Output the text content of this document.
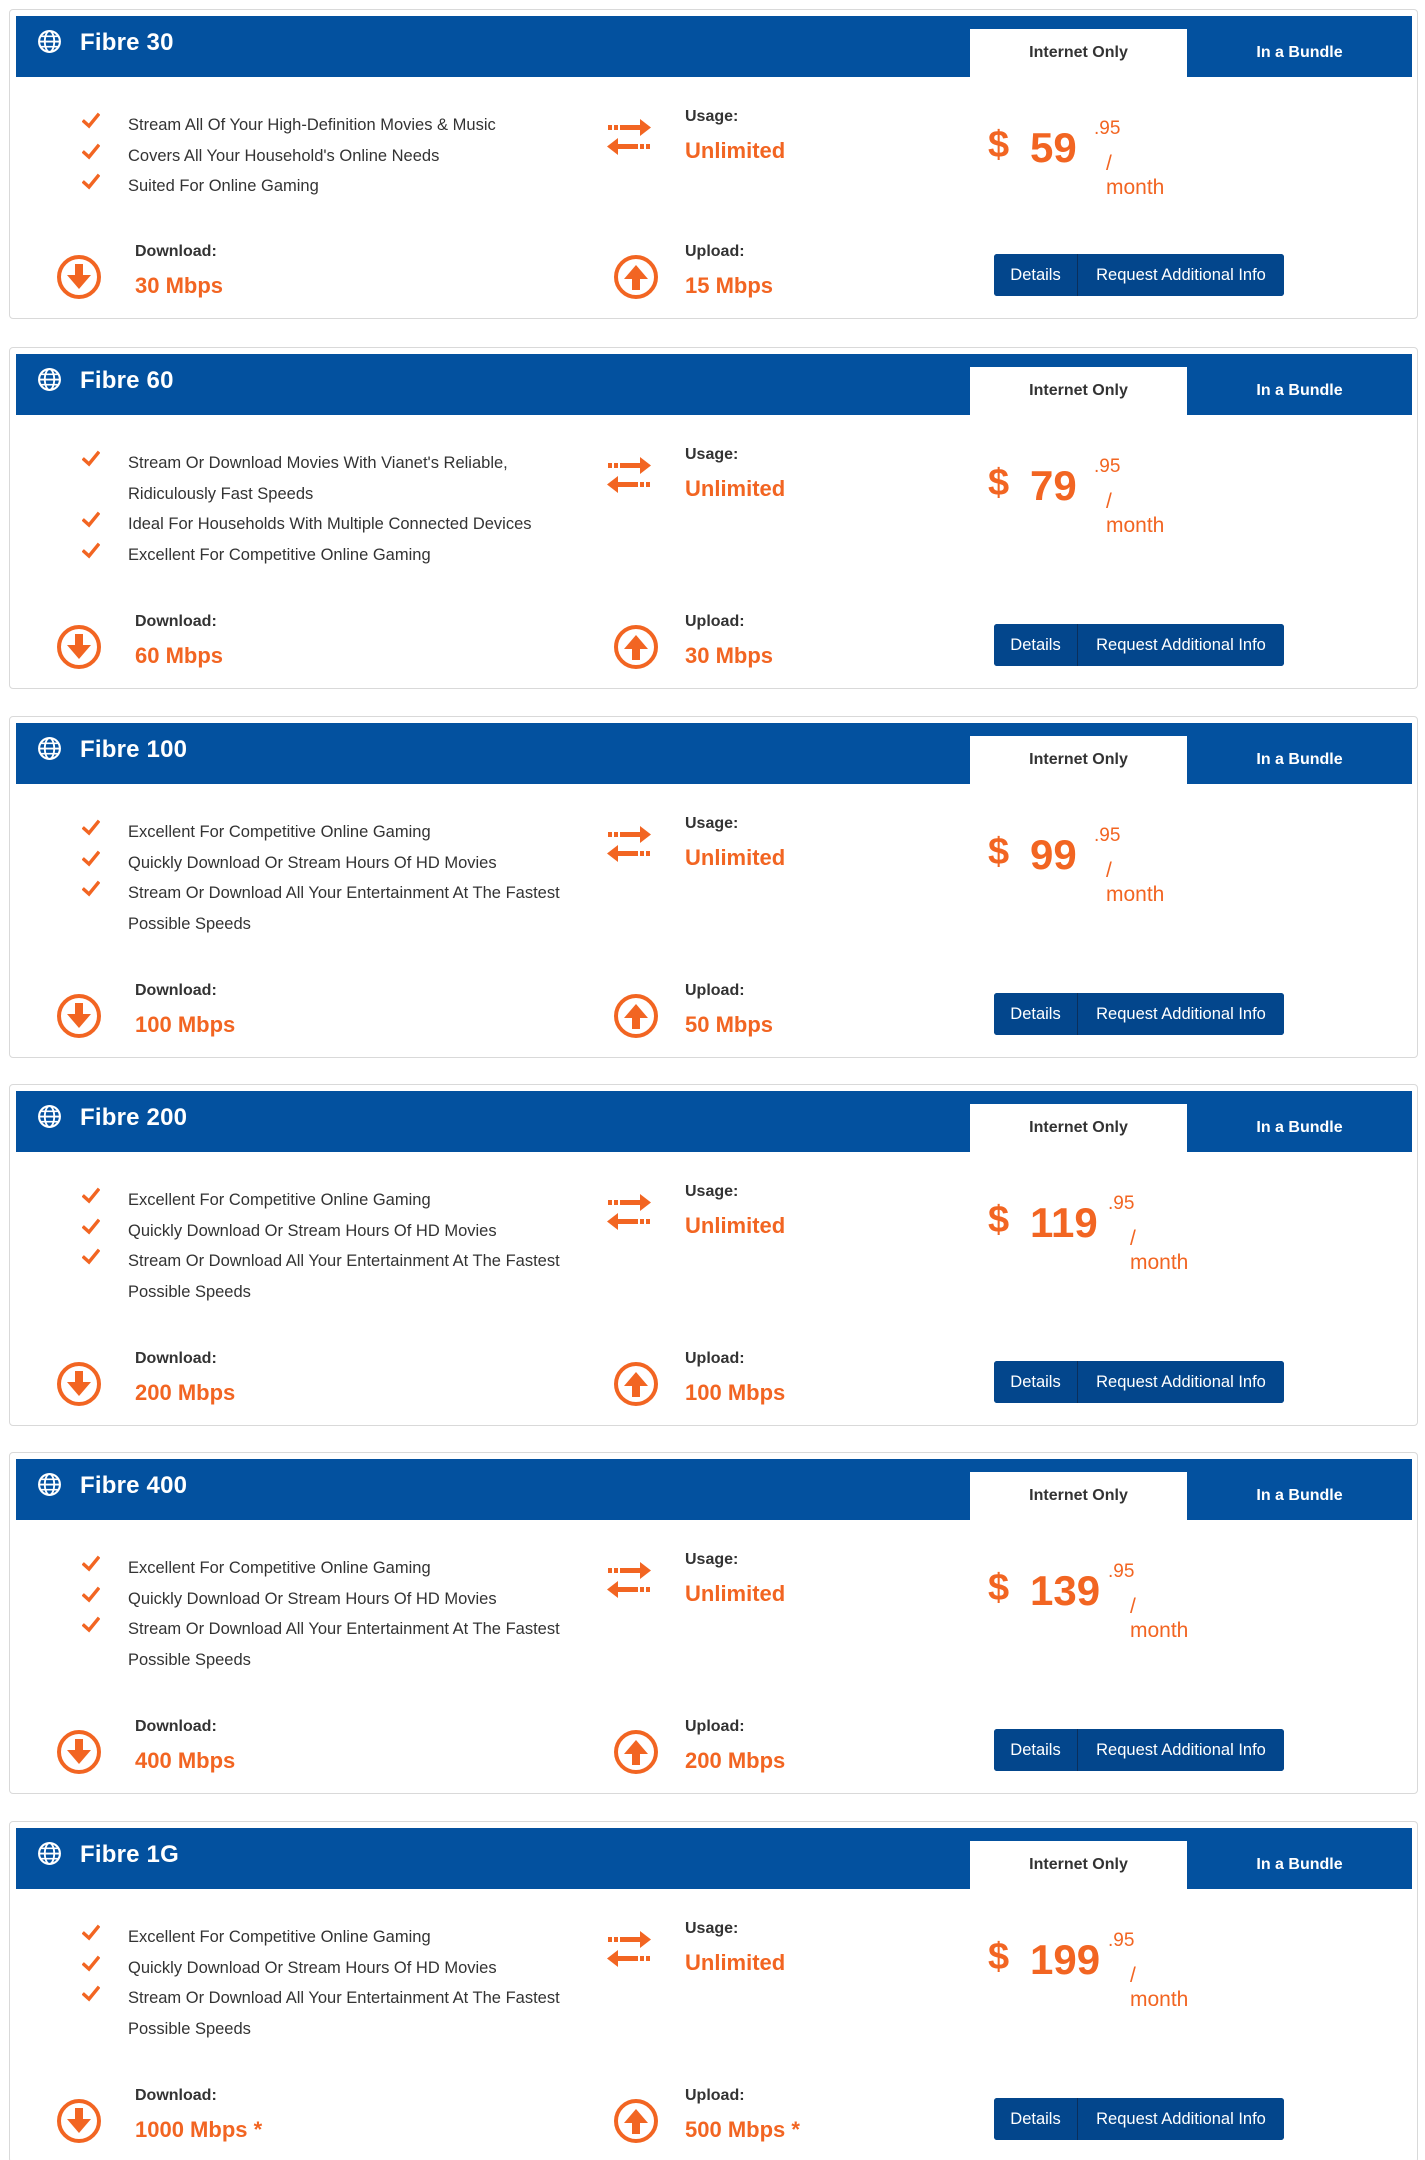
Fibre 30	Internet Only	In a Bundle
Stream All Of Your High-Definition Movies & Music
Covers All Your Household's Online Needs
Suited For Online Gaming
Usage:
Unlimited	$ 59 .95
/ month
Download:
30 Mbps
Upload:
15 Mbps	Details	Request Additional Info
Fibre 60	Internet Only	In a Bundle
Stream Or Download Movies With Vianet's Reliable, Ridiculously Fast Speeds
Ideal For Households With Multiple Connected Devices
Excellent For Competitive Online Gaming
Usage:
Unlimited	$ 79 .95
/ month
Download:
60 Mbps
Upload:
30 Mbps	Details	Request Additional Info
Fibre 100	Internet Only	In a Bundle
Excellent For Competitive Online Gaming
Quickly Download Or Stream Hours Of HD Movies
Stream Or Download All Your Entertainment At The Fastest Possible Speeds
Usage:
Unlimited	$ 99 .95
/ month
Download:
100 Mbps
Upload:
50 Mbps	Details	Request Additional Info
Fibre 200	Internet Only	In a Bundle
Excellent For Competitive Online Gaming
Quickly Download Or Stream Hours Of HD Movies
Stream Or Download All Your Entertainment At The Fastest Possible Speeds
Usage:
Unlimited	$ 119 .95
/ month
Download:
200 Mbps
Upload:
100 Mbps	Details	Request Additional Info
Fibre 400	Internet Only	In a Bundle
Excellent For Competitive Online Gaming
Quickly Download Or Stream Hours Of HD Movies
Stream Or Download All Your Entertainment At The Fastest Possible Speeds
Usage:
Unlimited	$ 139 .95
/ month
Download:
400 Mbps
Upload:
200 Mbps	Details	Request Additional Info
Fibre 1G	Internet Only	In a Bundle
Excellent For Competitive Online Gaming
Quickly Download Or Stream Hours Of HD Movies
Stream Or Download All Your Entertainment At The Fastest Possible Speeds
Usage:
Unlimited	$ 199 .95
/ month
Download:
1000 Mbps *
Upload:
500 Mbps *	Details	Request Additional Info
